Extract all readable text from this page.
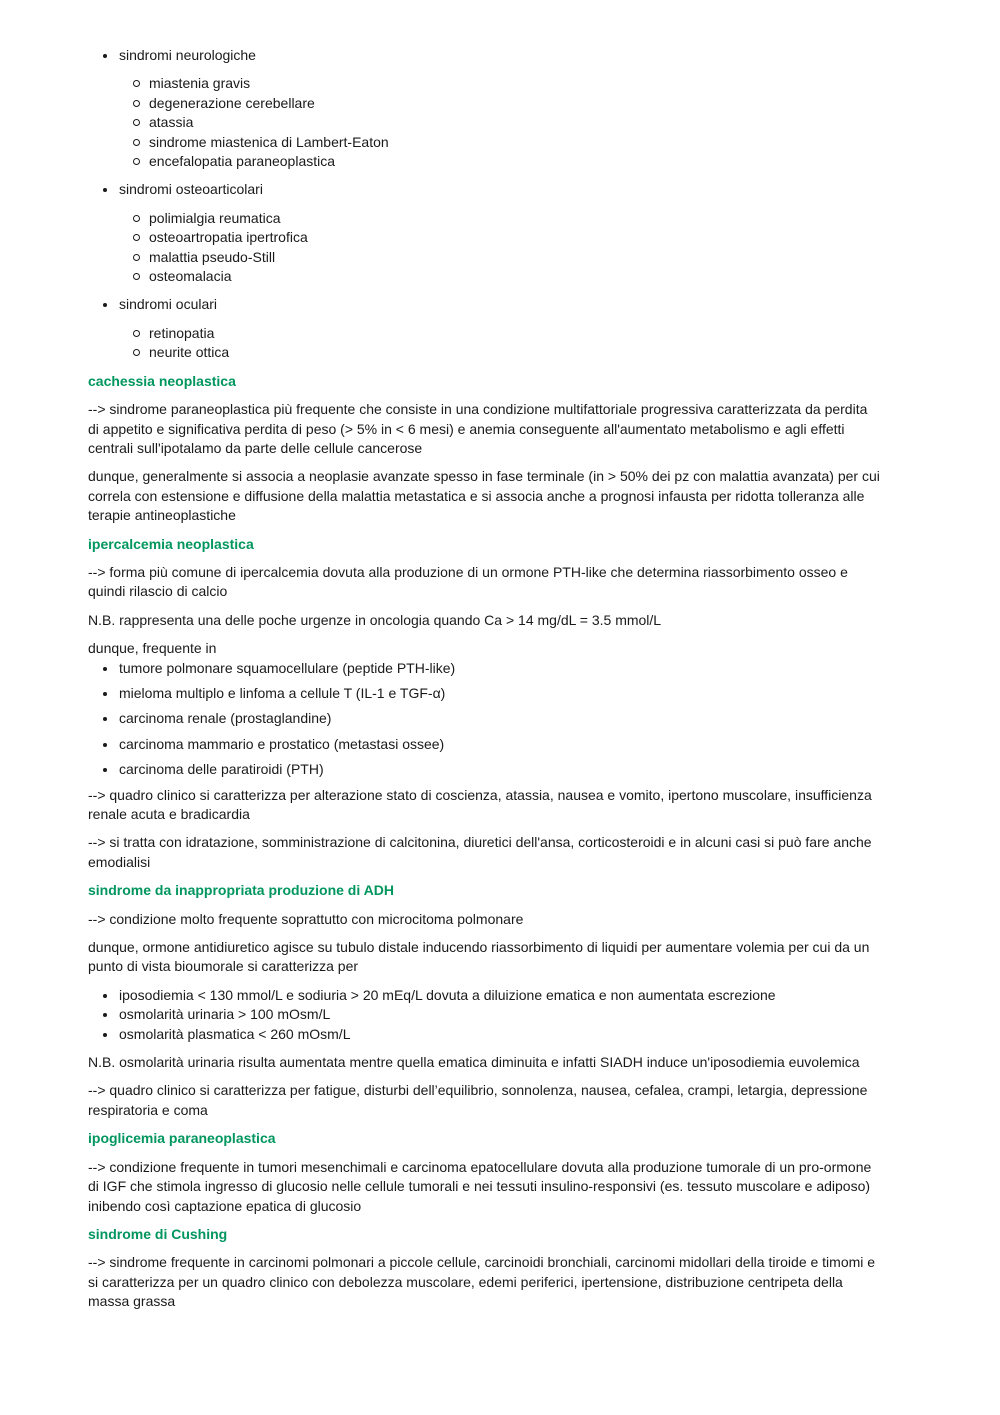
sindromi neurologiche
miastenia gravis
degenerazione cerebellare
atassia
sindrome miastenica di Lambert-Eaton
encefalopatia paraneoplastica
sindromi osteoarticolari
polimialgia reumatica
osteoartropatia ipertrofica
malattia pseudo-Still
osteomalacia
sindromi oculari
retinopatia
neurite ottica
cachessia neoplastica

--> sindrome paraneoplastica più frequente che consiste in una condizione multifattoriale progressiva caratterizzata da perdita di appetito e significativa perdita di peso (> 5% in < 6 mesi) e anemia conseguente all'aumentato metabolismo e agli effetti centrali sull'ipotalamo da parte delle cellule cancerose

dunque, generalmente si associa a neoplasie avanzate spesso in fase terminale (in > 50% dei pz con malattia avanzata) per cui correla con estensione e diffusione della malattia metastatica e si associa anche a prognosi infausta per ridotta tolleranza alle terapie antineoplastiche

ipercalcemia neoplastica

--> forma più comune di ipercalcemia dovuta alla produzione di un ormone PTH-like che determina riassorbimento osseo e quindi rilascio di calcio

N.B. rappresenta una delle poche urgenze in oncologia quando Ca > 14 mg/dL = 3.5 mmol/L

dunque, frequente in

tumore polmonare squamocellulare (peptide PTH-like)
mieloma multiplo e linfoma a cellule T (IL-1 e TGF-α)
carcinoma renale (prostaglandine)
carcinoma mammario e prostatico (metastasi ossee)
carcinoma delle paratiroidi (PTH)

--> quadro clinico si caratterizza per alterazione stato di coscienza, atassia, nausea e vomito, ipertono muscolare, insufficienza renale acuta e bradicardia

--> si tratta con idratazione, somministrazione di calcitonina, diuretici dell'ansa, corticosteroidi e in alcuni casi si può fare anche emodialisi

sindrome da inappropriata produzione di ADH

--> condizione molto frequente soprattutto con microcitoma polmonare

dunque, ormone antidiuretico agisce su tubulo distale inducendo riassorbimento di liquidi per aumentare volemia per cui da un punto di vista bioumorale si caratterizza per

iposodiemia < 130 mmol/L e sodiuria > 20 mEq/L dovuta a diluizione ematica e non aumentata escrezione
osmolarità urinaria > 100 mOsm/L
osmolarità plasmatica < 260 mOsm/L

N.B. osmolarità urinaria risulta aumentata mentre quella ematica diminuita e infatti SIADH induce un'iposodiemia euvolemica

--> quadro clinico si caratterizza per fatigue, disturbi dell’equilibrio, sonnolenza, nausea, cefalea, crampi, letargia, depressione respiratoria e coma

ipoglicemia paraneoplastica

--> condizione frequente in tumori mesenchimali e carcinoma epatocellulare dovuta alla produzione tumorale di un pro-ormone di IGF che stimola ingresso di glucosio nelle cellule tumorali e nei tessuti insulino-responsivi (es. tessuto muscolare e adiposo) inibendo così captazione epatica di glucosio

sindrome di Cushing

--> sindrome frequente in carcinomi polmonari a piccole cellule, carcinoidi bronchiali, carcinomi midollari della tiroide e timomi e si caratterizza per un quadro clinico con debolezza muscolare, edemi periferici, ipertensione, distribuzione centripeta della massa grassa
